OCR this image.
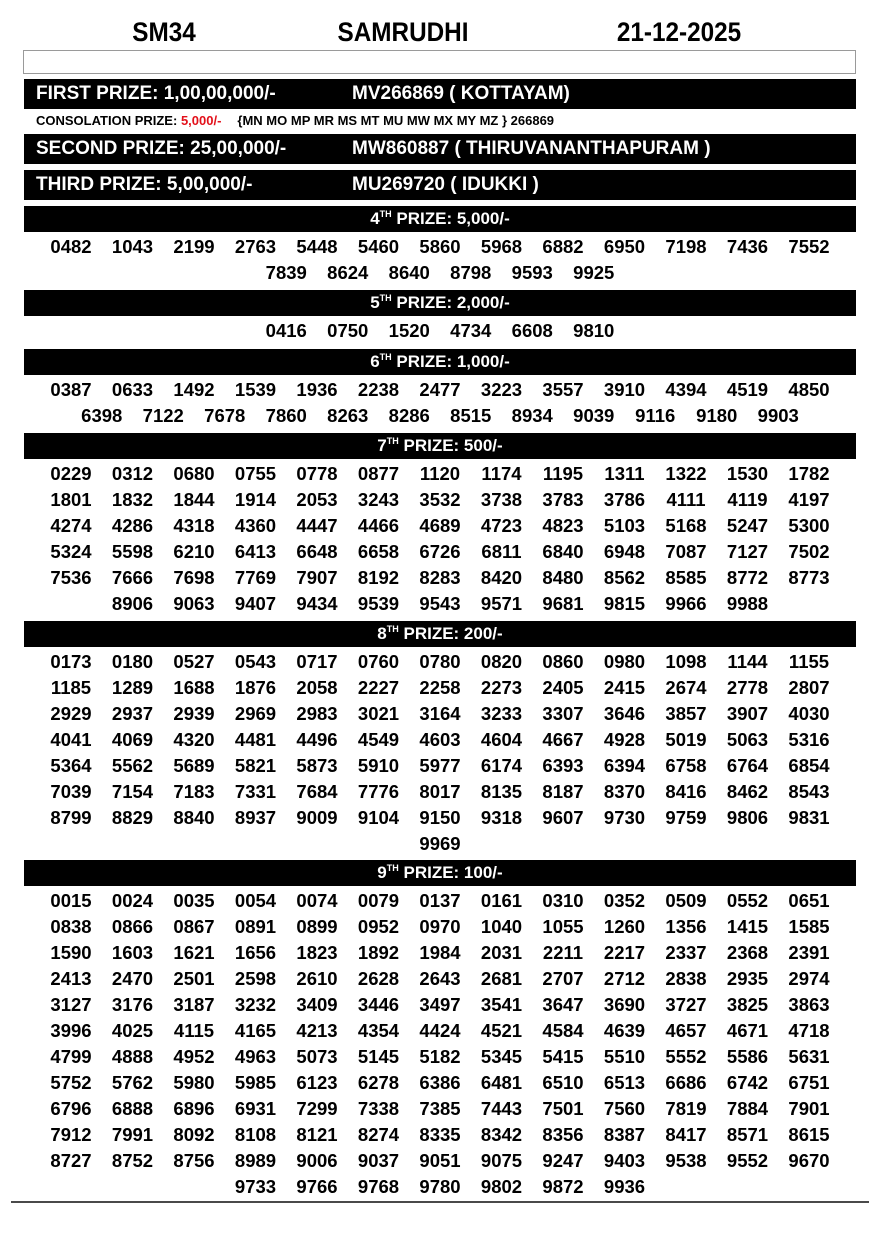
SM34	SAMRUDHI	21-12-2025
FIRST PRIZE: 1,00,00,000/-	MV266869 ( KOTTAYAM)
CONSOLATION PRIZE: 5,000/- {MN MO MP MR MS MT MU MW MX MY MZ } 266869
SECOND PRIZE: 25,00,000/-	MW860887 ( THIRUVANANTHAPURAM )
THIRD PRIZE: 5,00,000/-	MU269720 ( IDUKKI )
4TH PRIZE: 5,000/-
0482	1043	2199	2763	5448	5460	5860	5968	6882	6950	7198	7436	7552
7839	8624	8640	8798	9593	9925
5TH PRIZE: 2,000/-
0416	0750	1520	4734	6608	9810
6TH PRIZE: 1,000/-
0387	0633	1492	1539	1936	2238	2477	3223	3557	3910	4394	4519	4850
6398	7122	7678	7860	8263	8286	8515	8934	9039	9116	9180	9903
7TH PRIZE: 500/-
0229	0312	0680	0755	0778	0877	1120	1174	1195	1311	1322	1530	1782
1801	1832	1844	1914	2053	3243	3532	3738	3783	3786	4111	4119	4197
4274	4286	4318	4360	4447	4466	4689	4723	4823	5103	5168	5247	5300
5324	5598	6210	6413	6648	6658	6726	6811	6840	6948	7087	7127	7502
7536	7666	7698	7769	7907	8192	8283	8420	8480	8562	8585	8772	8773
8906	9063	9407	9434	9539	9543	9571	9681	9815	9966	9988
8TH PRIZE: 200/-
0173	0180	0527	0543	0717	0760	0780	0820	0860	0980	1098	1144	1155
1185	1289	1688	1876	2058	2227	2258	2273	2405	2415	2674	2778	2807
2929	2937	2939	2969	2983	3021	3164	3233	3307	3646	3857	3907	4030
4041	4069	4320	4481	4496	4549	4603	4604	4667	4928	5019	5063	5316
5364	5562	5689	5821	5873	5910	5977	6174	6393	6394	6758	6764	6854
7039	7154	7183	7331	7684	7776	8017	8135	8187	8370	8416	8462	8543
8799	8829	8840	8937	9009	9104	9150	9318	9607	9730	9759	9806	9831
9969
9TH PRIZE: 100/-
0015	0024	0035	0054	0074	0079	0137	0161	0310	0352	0509	0552	0651
0838	0866	0867	0891	0899	0952	0970	1040	1055	1260	1356	1415	1585
1590	1603	1621	1656	1823	1892	1984	2031	2211	2217	2337	2368	2391
2413	2470	2501	2598	2610	2628	2643	2681	2707	2712	2838	2935	2974
3127	3176	3187	3232	3409	3446	3497	3541	3647	3690	3727	3825	3863
3996	4025	4115	4165	4213	4354	4424	4521	4584	4639	4657	4671	4718
4799	4888	4952	4963	5073	5145	5182	5345	5415	5510	5552	5586	5631
5752	5762	5980	5985	6123	6278	6386	6481	6510	6513	6686	6742	6751
6796	6888	6896	6931	7299	7338	7385	7443	7501	7560	7819	7884	7901
7912	7991	8092	8108	8121	8274	8335	8342	8356	8387	8417	8571	8615
8727	8752	8756	8989	9006	9037	9051	9075	9247	9403	9538	9552	9670
9733	9766	9768	9780	9802	9872	9936
